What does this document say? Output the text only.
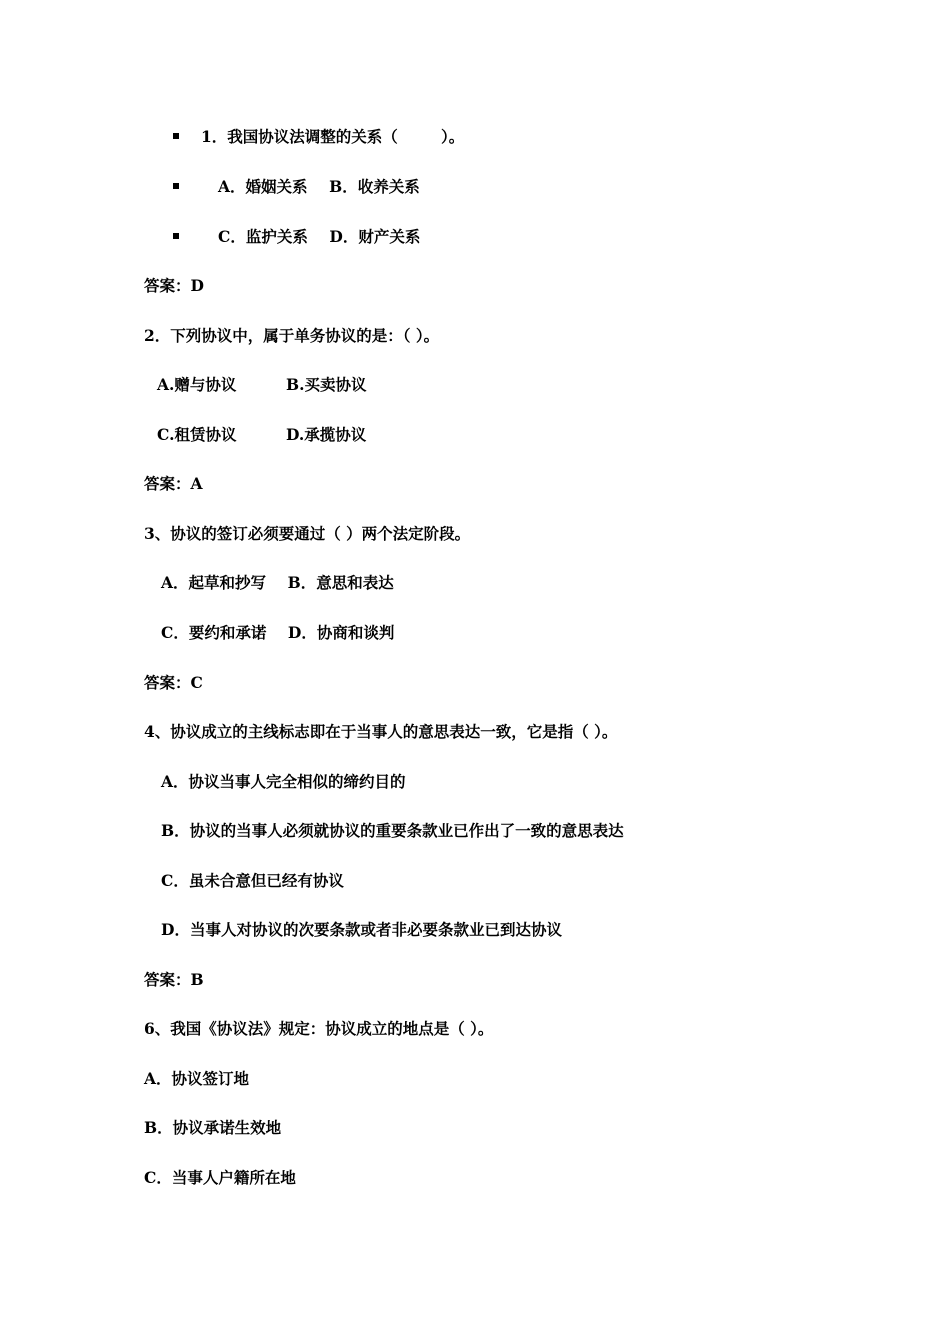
1．我国协议法调整的关系（        ）。
A．婚姻关系    B．收养关系
C．监护关系    D．财产关系
答案：D
2．下列协议中，属于单务协议的是：（ ）。
A.赠与协议	B.买卖协议
C.租赁协议	D.承揽协议
答案：A
3、协议的签订必须要通过（ ）两个法定阶段。
A．起草和抄写    B．意思和表达
C．要约和承诺    D．协商和谈判
答案：C
4、协议成立的主线标志即在于当事人的意思表达一致，它是指（ ）。
A．协议当事人完全相似的缔约目的
B．协议的当事人必须就协议的重要条款业已作出了一致的意思表达
C．虽未合意但已经有协议
D．当事人对协议的次要条款或者非必要条款业已到达协议
答案：B
6、我国《协议法》规定：协议成立的地点是（ ）。
A．协议签订地
B．协议承诺生效地
C．当事人户籍所在地
